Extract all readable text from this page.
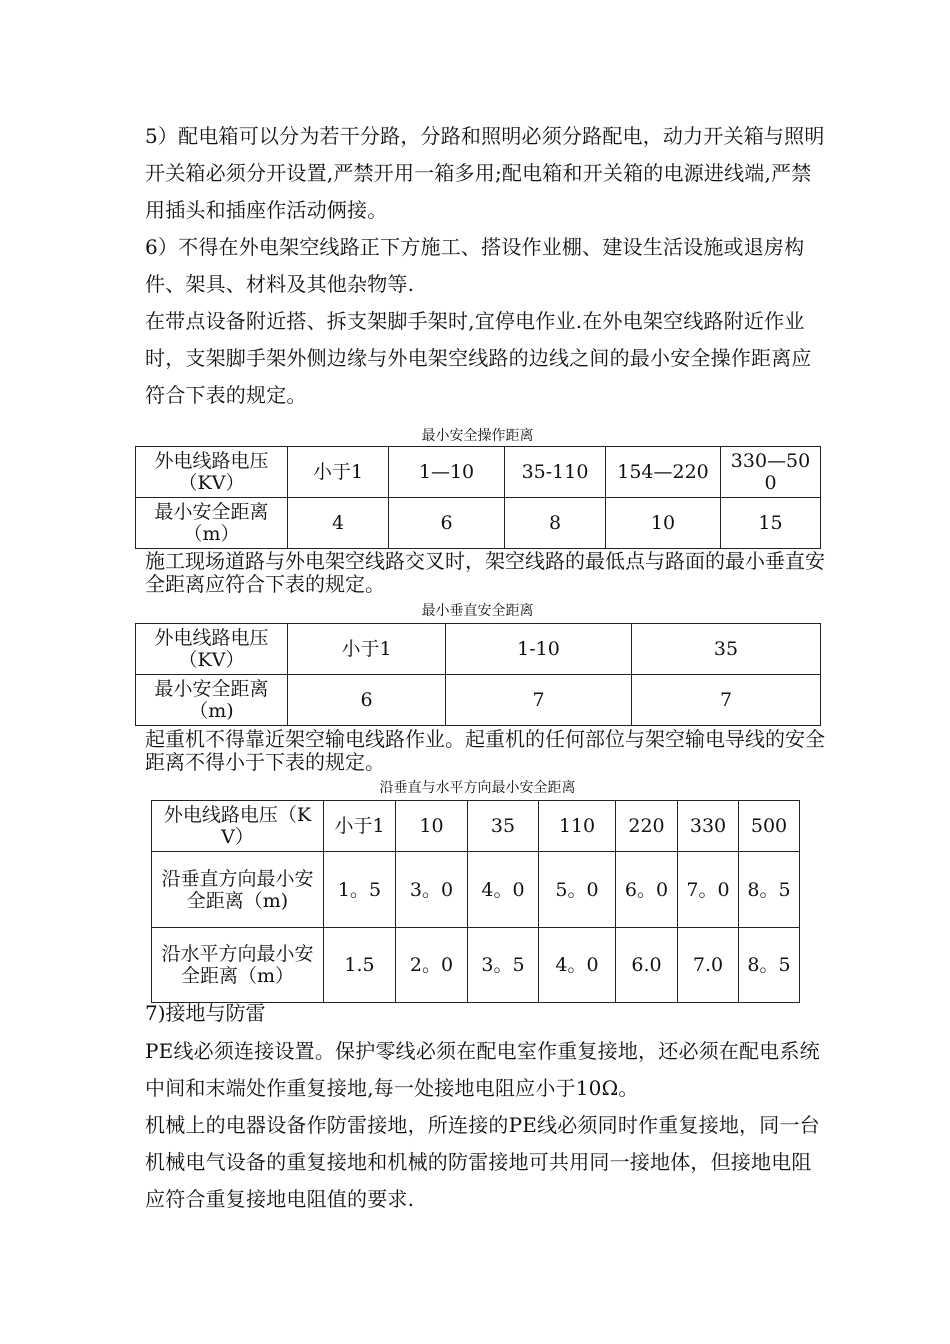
5）配电箱可以分为若干分路，分路和照明必须分路配电，动力开关箱与照明开关箱必须分开设置,严禁开用一箱多用;配电箱和开关箱的电源进线端,严禁用插头和插座作活动俩接。
6）不得在外电架空线路正下方施工、搭设作业棚、建设生活设施或退房构件、架具、材料及其他杂物等.
在带点设备附近搭、拆支架脚手架时,宜停电作业.在外电架空线路附近作业时，支架脚手架外侧边缘与外电架空线路的边线之间的最小安全操作距离应符合下表的规定。
最小安全操作距离
外电线路电压（KV）	小于1	1—10	35-110	154—220	330—500
最小安全距离（m）	4	6	8	10	15
施工现场道路与外电架空线路交叉时，架空线路的最低点与路面的最小垂直安全距离应符合下表的规定。
最小垂直安全距离
外电线路电压（KV）	小于1	1-10	35
最小安全距离（m)	6	7	7
起重机不得靠近架空输电线路作业。起重机的任何部位与架空输电导线的安全距离不得小于下表的规定。
沿垂直与水平方向最小安全距离
外电线路电压（KV）	小于1	10	35	110	220	330	500
沿垂直方向最小安全距离（m)	1。5	3。0	4。0	5。0	6。0	7。0	8。5
沿水平方向最小安全距离（m）	1.5	2。0	3。5	4。0	6.0	7.0	8。5
7)接地与防雷
PE线必须连接设置。保护零线必须在配电室作重复接地，还必须在配电系统中间和末端处作重复接地,每一处接地电阻应小于10Ω。
机械上的电器设备作防雷接地，所连接的PE线必须同时作重复接地，同一台机械电气设备的重复接地和机械的防雷接地可共用同一接地体，但接地电阻应符合重复接地电阻值的要求.
